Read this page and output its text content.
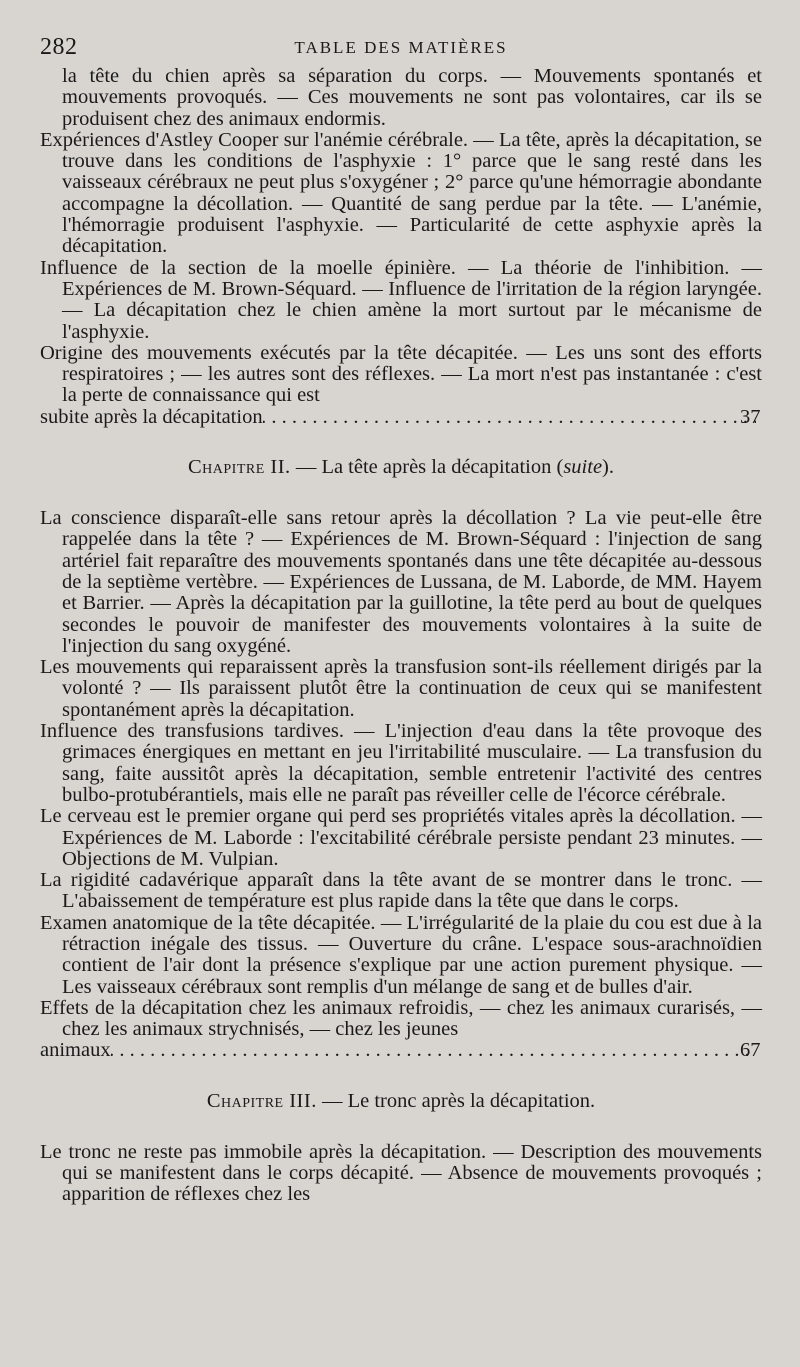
282	TABLE DES MATIÈRES

la tête du chien après sa séparation du corps. — Mouvements spontanés et mouvements provoqués. — Ces mouvements ne sont pas volontaires, car ils se produisent chez des animaux endormis.

Expériences d'Astley Cooper sur l'anémie cérébrale. — La tête, après la décapitation, se trouve dans les conditions de l'asphyxie : 1° parce que le sang resté dans les vaisseaux cérébraux ne peut plus s'oxygéner ; 2° parce qu'une hémorragie abondante accompagne la décollation. — Quantité de sang perdue par la tête. — L'anémie, l'hémorragie produisent l'asphyxie. — Particularité de cette asphyxie après la décapitation.

Influence de la section de la moelle épinière. — La théorie de l'inhibition. — Expériences de M. Brown-Séquard. — Influence de l'irritation de la région laryngée. — La décapitation chez le chien amène la mort surtout par le mécanisme de l'asphyxie.

Origine des mouvements exécutés par la tête décapitée. — Les uns sont des efforts respiratoires ; — les autres sont des réflexes. — La mort n'est pas instantanée : c'est la perte de connaissance qui est
subite après la décapitation . . .	37
Chapitre II. — La tête après la décapitation (suite).

La conscience disparaît-elle sans retour après la décollation ? La vie peut-elle être rappelée dans la tête ? — Expériences de M. Brown-Séquard : l'injection de sang artériel fait reparaître des mouvements spontanés dans une tête décapitée au-dessous de la septième vertèbre. — Expériences de Lussana, de M. Laborde, de MM. Hayem et Barrier. — Après la décapitation par la guillotine, la tête perd au bout de quelques secondes le pouvoir de manifester des mouvements volontaires à la suite de l'injection du sang oxygéné.

Les mouvements qui reparaissent après la transfusion sont-ils réellement dirigés par la volonté ? — Ils paraissent plutôt être la continuation de ceux qui se manifestent spontanément après la décapitation.

Influence des transfusions tardives. — L'injection d'eau dans la tête provoque des grimaces énergiques en mettant en jeu l'irritabilité musculaire. — La transfusion du sang, faite aussitôt après la décapitation, semble entretenir l'activité des centres bulbo-protubérantiels, mais elle ne paraît pas réveiller celle de l'écorce cérébrale.

Le cerveau est le premier organe qui perd ses propriétés vitales après la décollation. — Expériences de M. Laborde : l'excitabilité cérébrale persiste pendant 23 minutes. — Objections de M. Vulpian.

La rigidité cadavérique apparaît dans la tête avant de se montrer dans le tronc. — L'abaissement de température est plus rapide dans la tête que dans le corps.

Examen anatomique de la tête décapitée. — L'irrégularité de la plaie du cou est due à la rétraction inégale des tissus. — Ouverture du crâne. L'espace sous-arachnoïdien contient de l'air dont la présence s'explique par une action purement physique. — Les vaisseaux cérébraux sont remplis d'un mélange de sang et de bulles d'air.

Effets de la décapitation chez les animaux refroidis, — chez les animaux curarisés, — chez les animaux strychnisés, — chez les jeunes
animaux . . .	67
Chapitre III. — Le tronc après la décapitation.

Le tronc ne reste pas immobile après la décapitation. — Description des mouvements qui se manifestent dans le corps décapité. — Absence de mouvements provoqués ; apparition de réflexes chez les
